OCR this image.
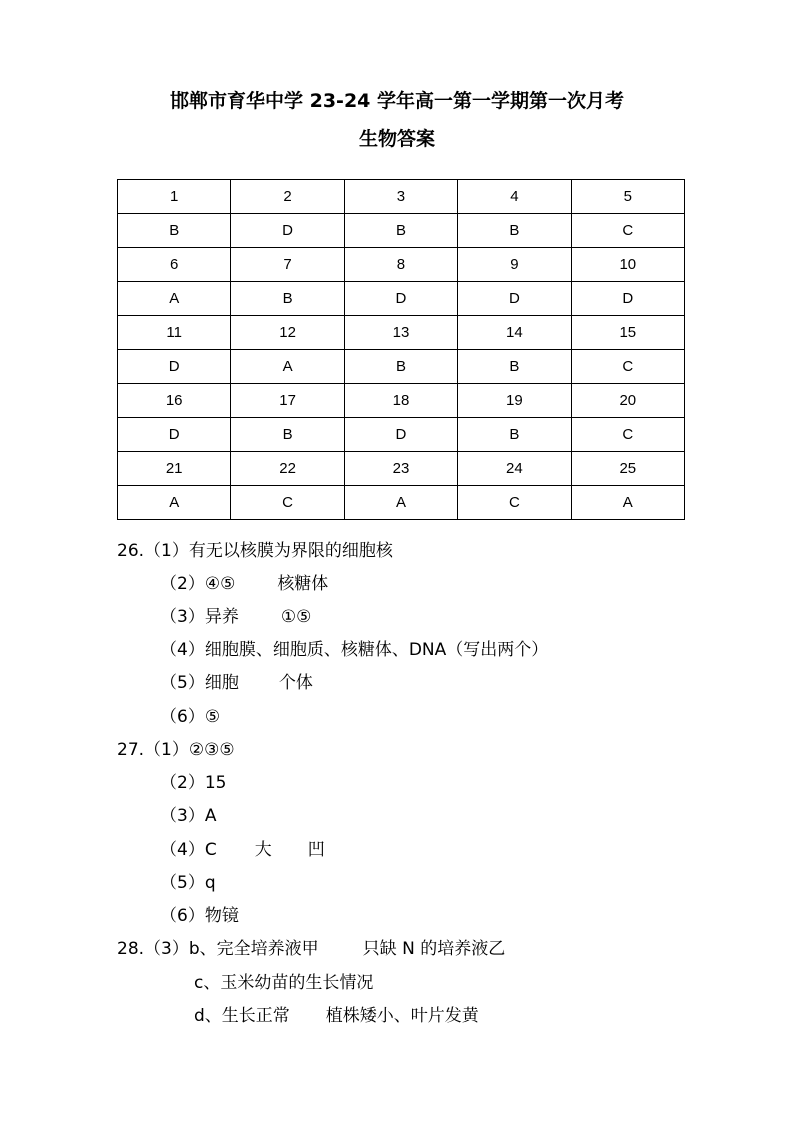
邯郸市育华中学 23-24 学年高一第一学期第一次月考
生物答案
1	2	3	4	5
B	D	B	B	C
6	7	8	9	10
A	B	D	D	D
11	12	13	14	15
D	A	B	B	C
16	17	18	19	20
D	B	D	B	C
21	22	23	24	25
A	C	A	C	A
26.（1）有无以核膜为界限的细胞核
（2）④⑤ 核糖体
（3）异养 ①⑤
（4）细胞膜、细胞质、核糖体、DNA（写出两个）
（5）细胞 个体
（6）⑤
27.（1）②③⑤
（2）15
（3）A
（4）C 大 凹
（5）q
（6）物镜
28.（3）b、完全培养液甲	只缺 N 的培养液乙
c、玉米幼苗的生长情况
d、生长正常 植株矮小、叶片发黄
